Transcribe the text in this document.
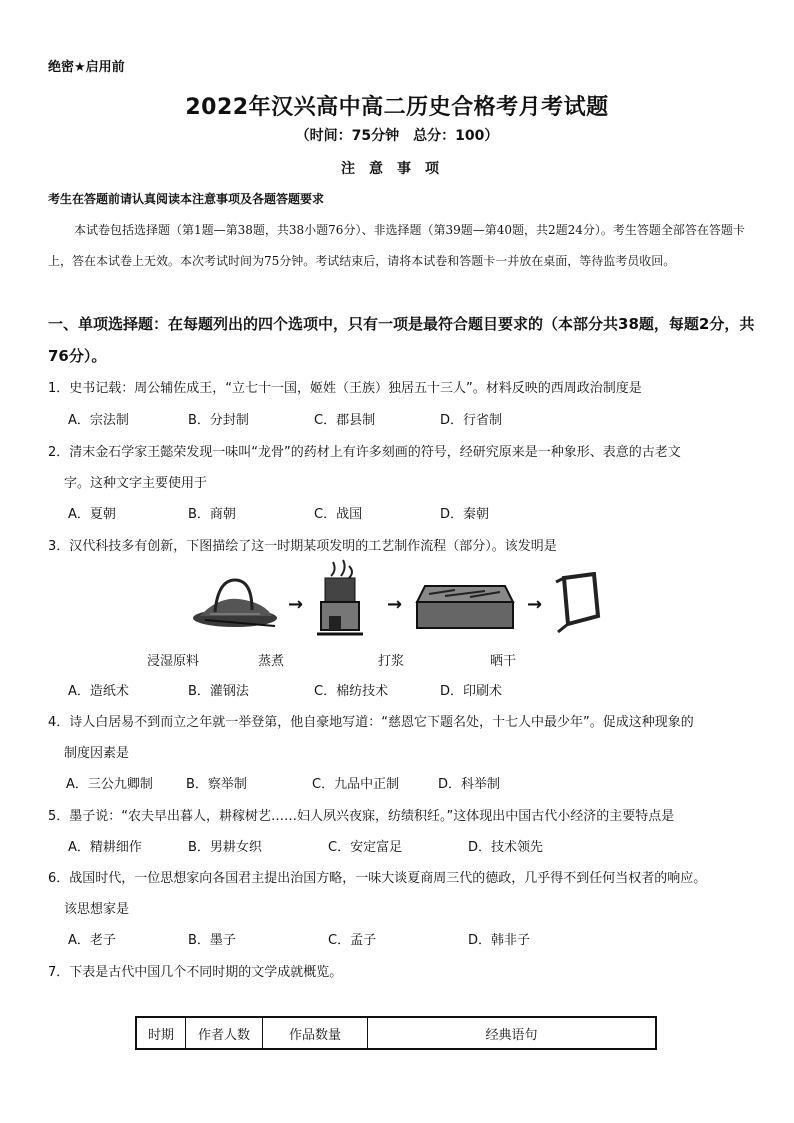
绝密★启用前
2022年汉兴高中高二历史合格考月考试题
（时间：75分钟　总分：100）
注意事项
考生在答题前请认真阅读本注意事项及各题答题要求
本试卷包括选择题（第1题—第38题，共38小题76分）、非选择题（第39题—第40题，共2题24分）。考生答题全部答在答题卡上，答在本试卷上无效。本次考试时间为75分钟。考试结束后，请将本试卷和答题卡一并放在桌面，等待监考员收回。
一、单项选择题：在每题列出的四个选项中，只有一项是最符合题目要求的（本部分共38题，每题2分，共76分）。
1．史书记载：周公辅佐成王，“立七十一国，姬姓（王族）独居五十三人”。材料反映的西周政治制度是
A．宗法制	B．分封制	C．郡县制	D．行省制
2．清末金石学家王懿荣发现一味叫“龙骨”的药材上有许多刻画的符号，经研究原来是一种象形、表意的古老文
字。这种文字主要使用于
A．夏朝	B．商朝	C．战国	D．秦朝
3．汉代科技多有创新，下图描绘了这一时期某项发明的工艺制作流程（部分）。该发明是
→	→	→
浸湿原料	蒸煮	打浆	晒干
A．造纸术	B．灌钢法	C．棉纺技术	D．印刷术
4．诗人白居易不到而立之年就一举登第，他自豪地写道：“慈恩它下题名处，十七人中最少年”。促成这种现象的
制度因素是
A．三公九卿制	B．察举制	C．九品中正制	D．科举制
5．墨子说：“农夫早出暮人，耕稼树艺……妇人夙兴夜寐，纺绩积纴。”这体现出中国古代小经济的主要特点是
A．精耕细作	B．男耕女织	C．安定富足	D．技术领先
6．战国时代，一位思想家向各国君主提出治国方略，一味大谈夏商周三代的德政，几乎得不到任何当权者的响应。
该思想家是
A．老子	B．墨子	C．孟子	D．韩非子
7．下表是古代中国几个不同时期的文学成就概览。
时期	作者人数	作品数量	经典语句
